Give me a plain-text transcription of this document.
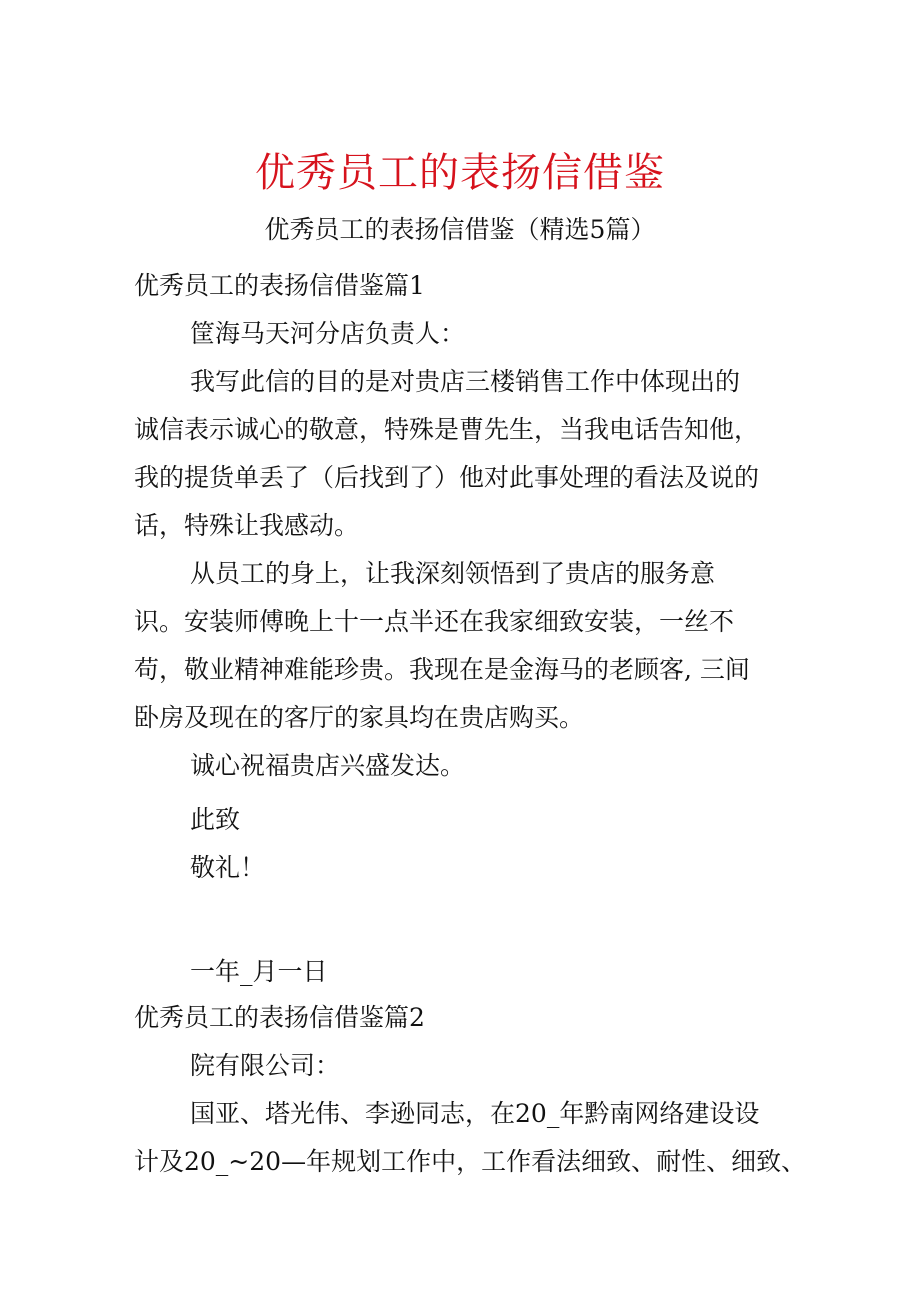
优秀员工的表扬信借鉴
优秀员工的表扬信借鉴（精选5篇）
优秀员工的表扬信借鉴篇1
筐海马天河分店负责人：
我写此信的目的是对贵店三楼销售工作中体现出的
诚信表示诚心的敬意，特殊是曹先生，当我电话告知他，
我的提货单丢了（后找到了）他对此事处理的看法及说的
话，特殊让我感动。
从员工的身上，让我深刻领悟到了贵店的服务意
识。安装师傅晚上十一点半还在我家细致安装，一丝不
苟，敬业精神难能珍贵。我现在是金海马的老顾客, 三间
卧房及现在的客厅的家具均在贵店购买。
诚心祝福贵店兴盛发达。
此致
敬礼！
一年_月一日
优秀员工的表扬信借鉴篇2
院有限公司：
国亚、塔光伟、李逊同志，在20_年黔南网络建设设
计及20_~20—年规划工作中，工作看法细致、耐性、细致、
